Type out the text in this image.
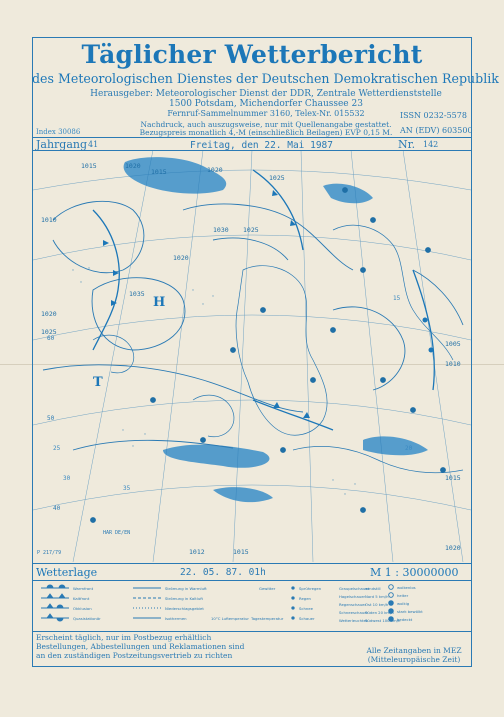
Täglicher Wetterbericht
des Meteorologischen Dienstes der Deutschen Demokratischen Republik
Herausgeber: Meteorologischer Dienst der DDR, Zentrale Wetterdienststelle
1500 Potsdam, Michendorfer Chaussee 23
Fernruf-Sammelnummer 3160, Telex-Nr. 015532
Nachdruck, auch auszugsweise, nur mit Quellenangabe gestattet.
Bezugspreis monatlich 4,-M (einschließlich Beilagen) EVP 0,15 M.
Index 30086
ISSN 0232-5578
AN (EDV) 603500
Jahrgang 41	Freitag, den 22. Mai 1987	Nr. 142
1015	1020
1015	1020
1025
1010
1020
1025
1035
1030
1020
1025
1005
1010
1015
1012	1015	1020
25
30
35
15
20
40
50
60
T
H
P 217/79
HAR DE/EN
Wetterlage	22. 05. 87. 01h	M 1 : 30000000
Warmfront
Kaltfront
Okklusion
Quasistationär
Strömung in Warmluft
Strömung in Kaltluft
Niederschlagsgebiet
Isothermen	10°C Luftemperatur Tagestemperatur
Sprühregen
Regen
Schnee
Schauer
Gewitter	Graupelschauer
Hagelschauer
Regenschauer
Schneeschauer
Wetterleuchten
windstill
Nord 5 km/h
Ost 10 km/h
Süden 20 km/h
Südwest 100 km/h
wolkenlos
heiter
wolkig
stark bewölkt
bedeckt
Erscheint täglich, nur im Postbezug erhältlich
Bestellungen, Abbestellungen und Reklamationen sind
an den zuständigen Postzeitungsvertrieb zu richten
Alle Zeitangaben in MEZ
(Mitteleuropäische Zeit)
